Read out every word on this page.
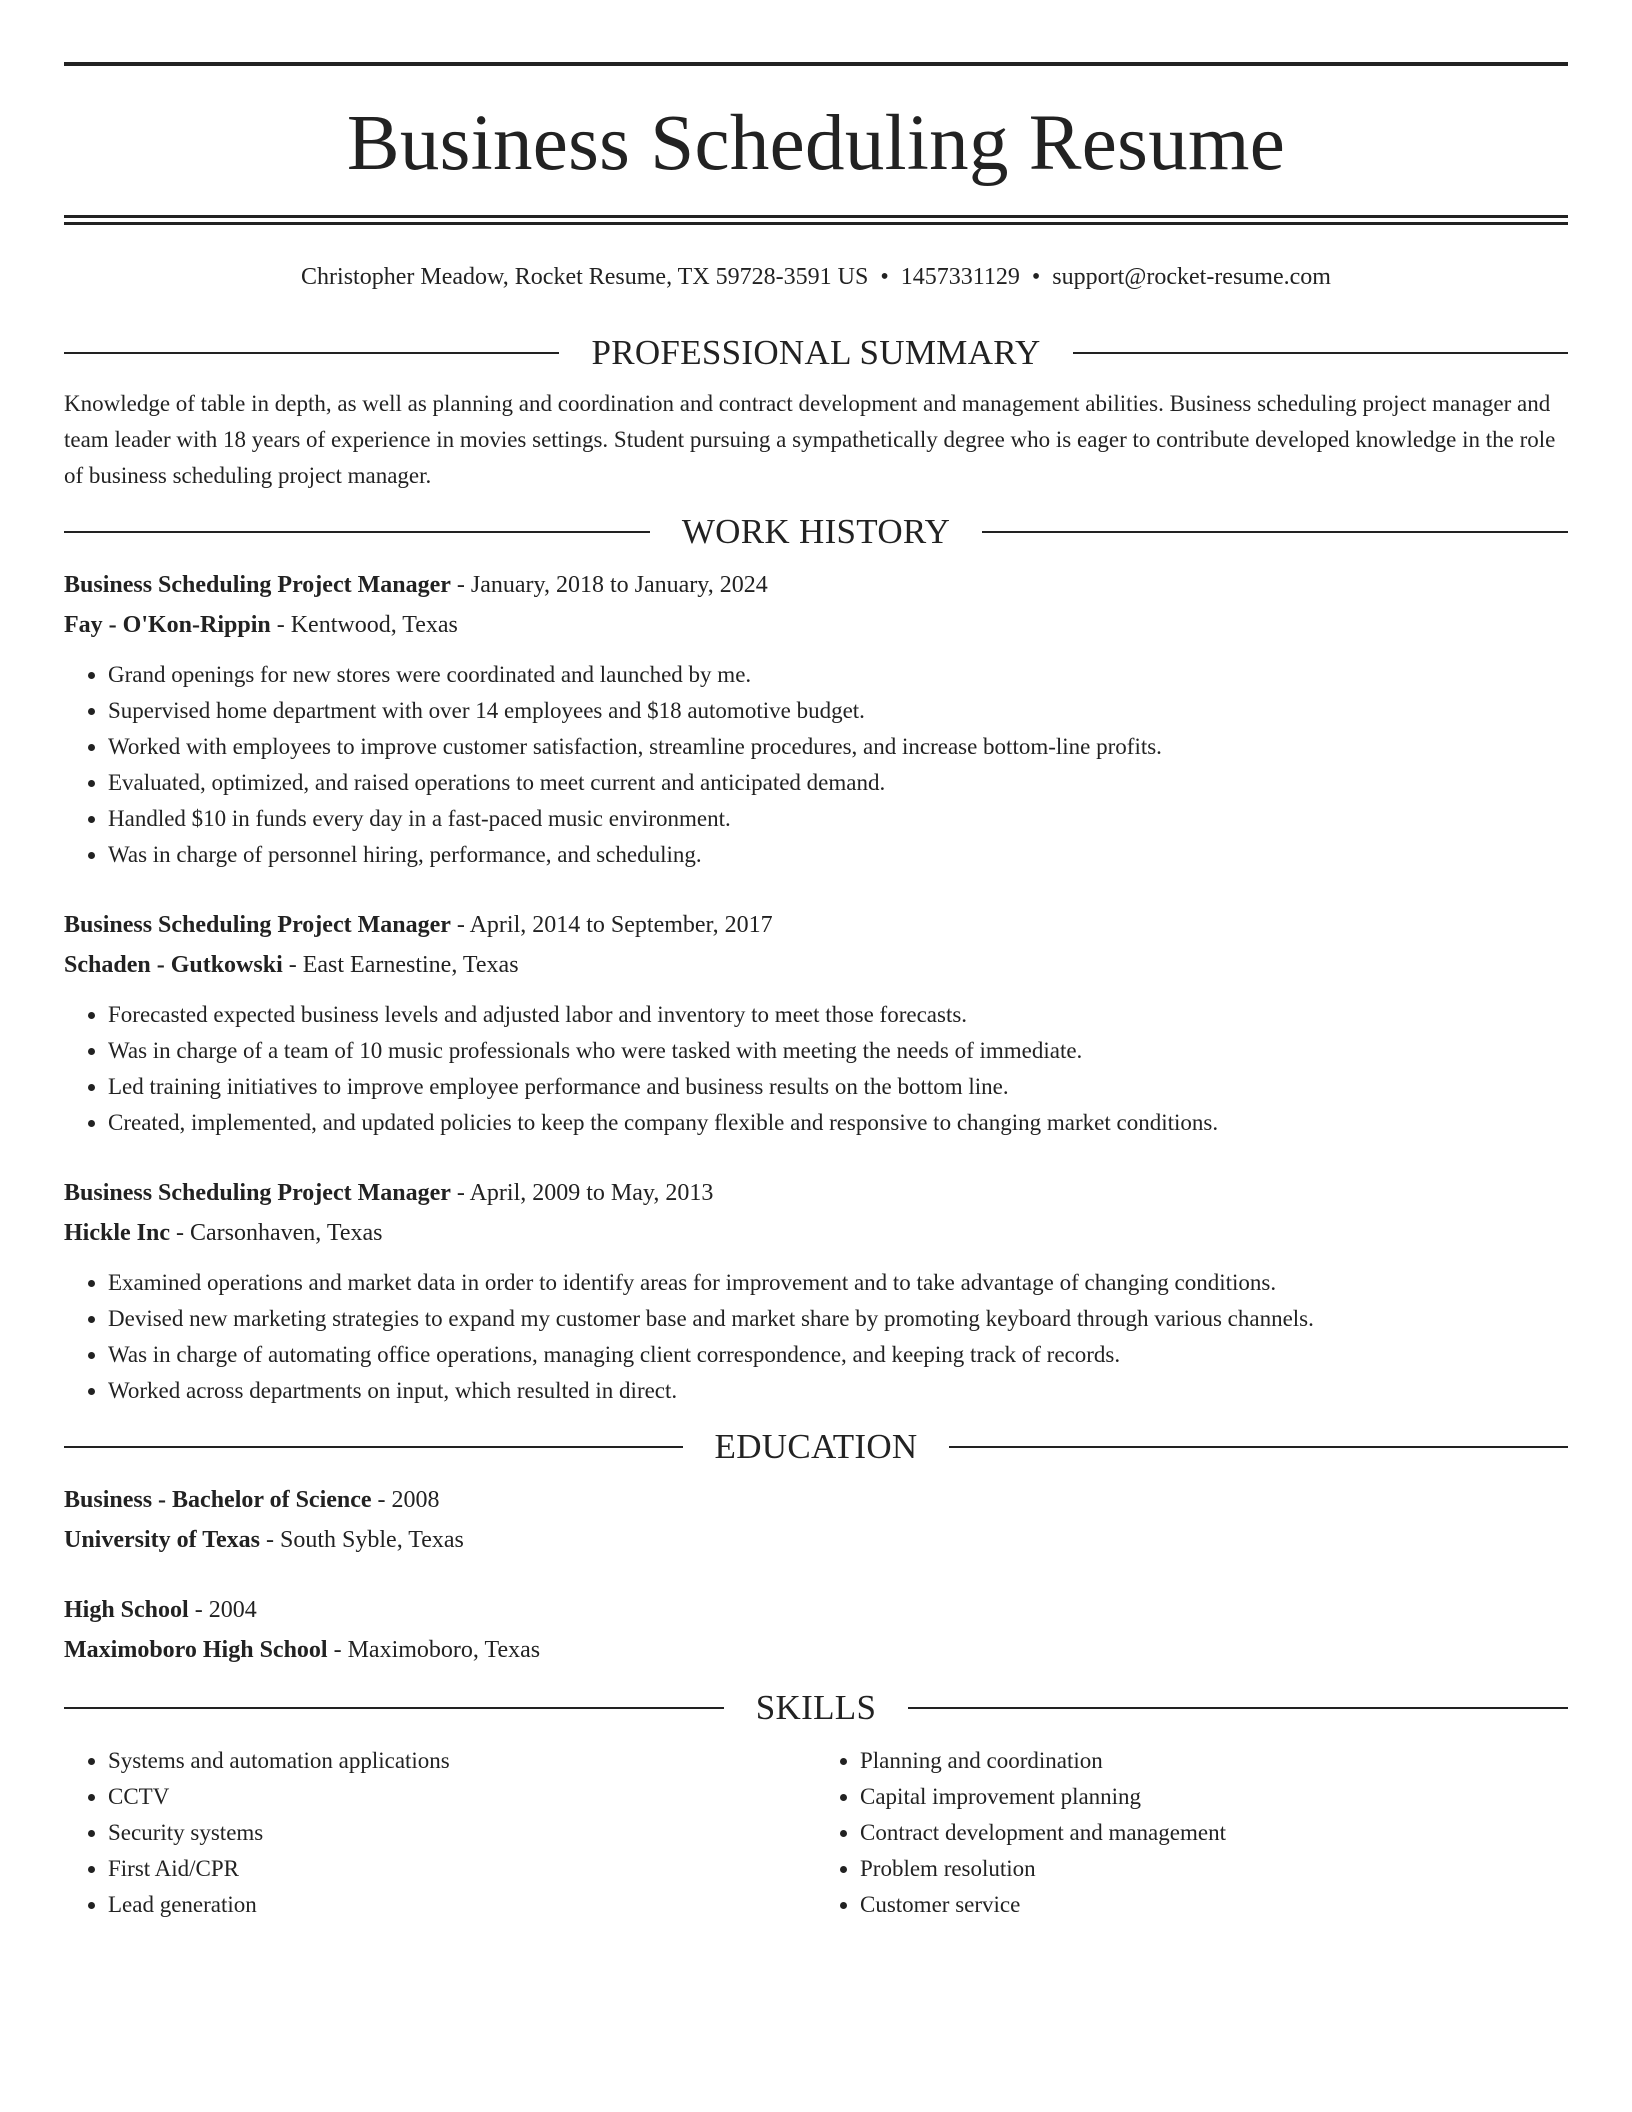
Business Scheduling Resume
Christopher Meadow, Rocket Resume, TX 59728-3591 US • 1457331129 • support@rocket-resume.com
PROFESSIONAL SUMMARY

Knowledge of table in depth, as well as planning and coordination and contract development and management abilities. Business scheduling project manager and team leader with 18 years of experience in movies settings. Student pursuing a sympathetically degree who is eager to contribute developed knowledge in the role of business scheduling project manager.

WORK HISTORY
Business Scheduling Project Manager - January, 2018 to January, 2024
Fay - O'Kon-Rippin - Kentwood, Texas
• Grand openings for new stores were coordinated and launched by me.
• Supervised home department with over 14 employees and $18 automotive budget.
• Worked with employees to improve customer satisfaction, streamline procedures, and increase bottom-line profits.
• Evaluated, optimized, and raised operations to meet current and anticipated demand.
• Handled $10 in funds every day in a fast-paced music environment.
• Was in charge of personnel hiring, performance, and scheduling.
Business Scheduling Project Manager - April, 2014 to September, 2017
Schaden - Gutkowski - East Earnestine, Texas
• Forecasted expected business levels and adjusted labor and inventory to meet those forecasts.
• Was in charge of a team of 10 music professionals who were tasked with meeting the needs of immediate.
• Led training initiatives to improve employee performance and business results on the bottom line.
• Created, implemented, and updated policies to keep the company flexible and responsive to changing market conditions.
Business Scheduling Project Manager - April, 2009 to May, 2013
Hickle Inc - Carsonhaven, Texas
• Examined operations and market data in order to identify areas for improvement and to take advantage of changing conditions.
• Devised new marketing strategies to expand my customer base and market share by promoting keyboard through various channels.
• Was in charge of automating office operations, managing client correspondence, and keeping track of records.
• Worked across departments on input, which resulted in direct.
EDUCATION
Business - Bachelor of Science - 2008
University of Texas - South Syble, Texas
High School - 2004
Maximoboro High School - Maximoboro, Texas
SKILLS
• Systems and automation applications
• CCTV
• Security systems
• First Aid/CPR
• Lead generation
• Planning and coordination
• Capital improvement planning
• Contract development and management
• Problem resolution
• Customer service
